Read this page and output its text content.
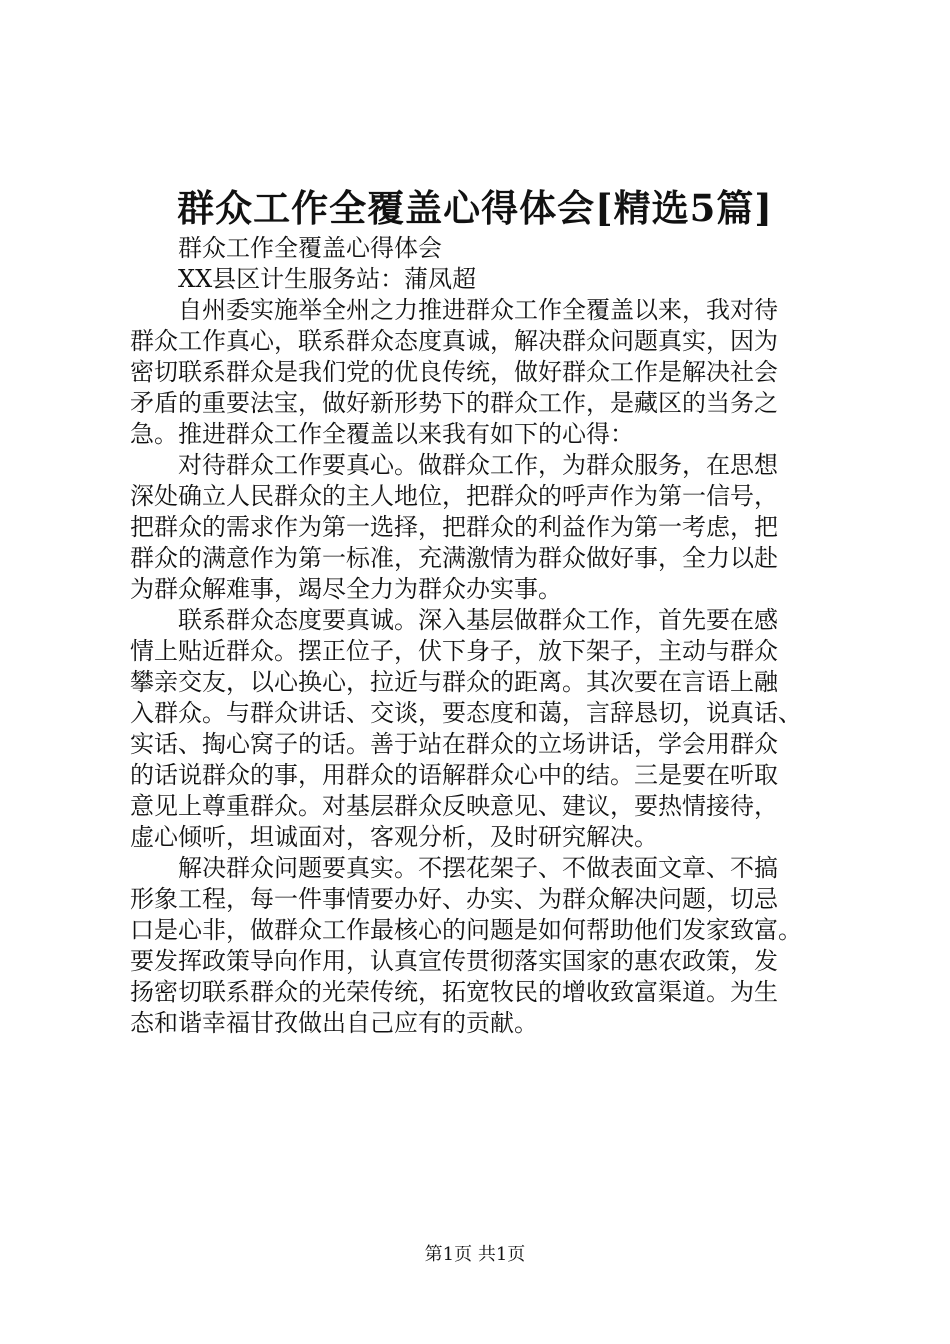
群众工作全覆盖心得体会[精选5篇]

群众工作全覆盖心得体会

XX县区计生服务站：蒲凤超

自州委实施举全州之力推进群众工作全覆盖以来，我对待

群众工作真心，联系群众态度真诚，解决群众问题真实，因为

密切联系群众是我们党的优良传统，做好群众工作是解决社会

矛盾的重要法宝，做好新形势下的群众工作，是藏区的当务之

急。推进群众工作全覆盖以来我有如下的心得：

对待群众工作要真心。做群众工作，为群众服务，在思想

深处确立人民群众的主人地位，把群众的呼声作为第一信号，

把群众的需求作为第一选择，把群众的利益作为第一考虑，把

群众的满意作为第一标准，充满激情为群众做好事，全力以赴

为群众解难事，竭尽全力为群众办实事。

联系群众态度要真诚。深入基层做群众工作，首先要在感

情上贴近群众。摆正位子，伏下身子，放下架子，主动与群众

攀亲交友，以心换心，拉近与群众的距离。其次要在言语上融

入群众。与群众讲话、交谈，要态度和蔼，言辞恳切，说真话、

实话、掏心窝子的话。善于站在群众的立场讲话，学会用群众

的话说群众的事，用群众的语解群众心中的结。三是要在听取

意见上尊重群众。对基层群众反映意见、建议，要热情接待，

虚心倾听，坦诚面对，客观分析，及时研究解决。

解决群众问题要真实。不摆花架子、不做表面文章、不搞

形象工程，每一件事情要办好、办实、为群众解决问题，切忌

口是心非，做群众工作最核心的问题是如何帮助他们发家致富。

要发挥政策导向作用，认真宣传贯彻落实国家的惠农政策，发

扬密切联系群众的光荣传统，拓宽牧民的增收致富渠道。为生

态和谐幸福甘孜做出自己应有的贡献。

第1页 共1页
